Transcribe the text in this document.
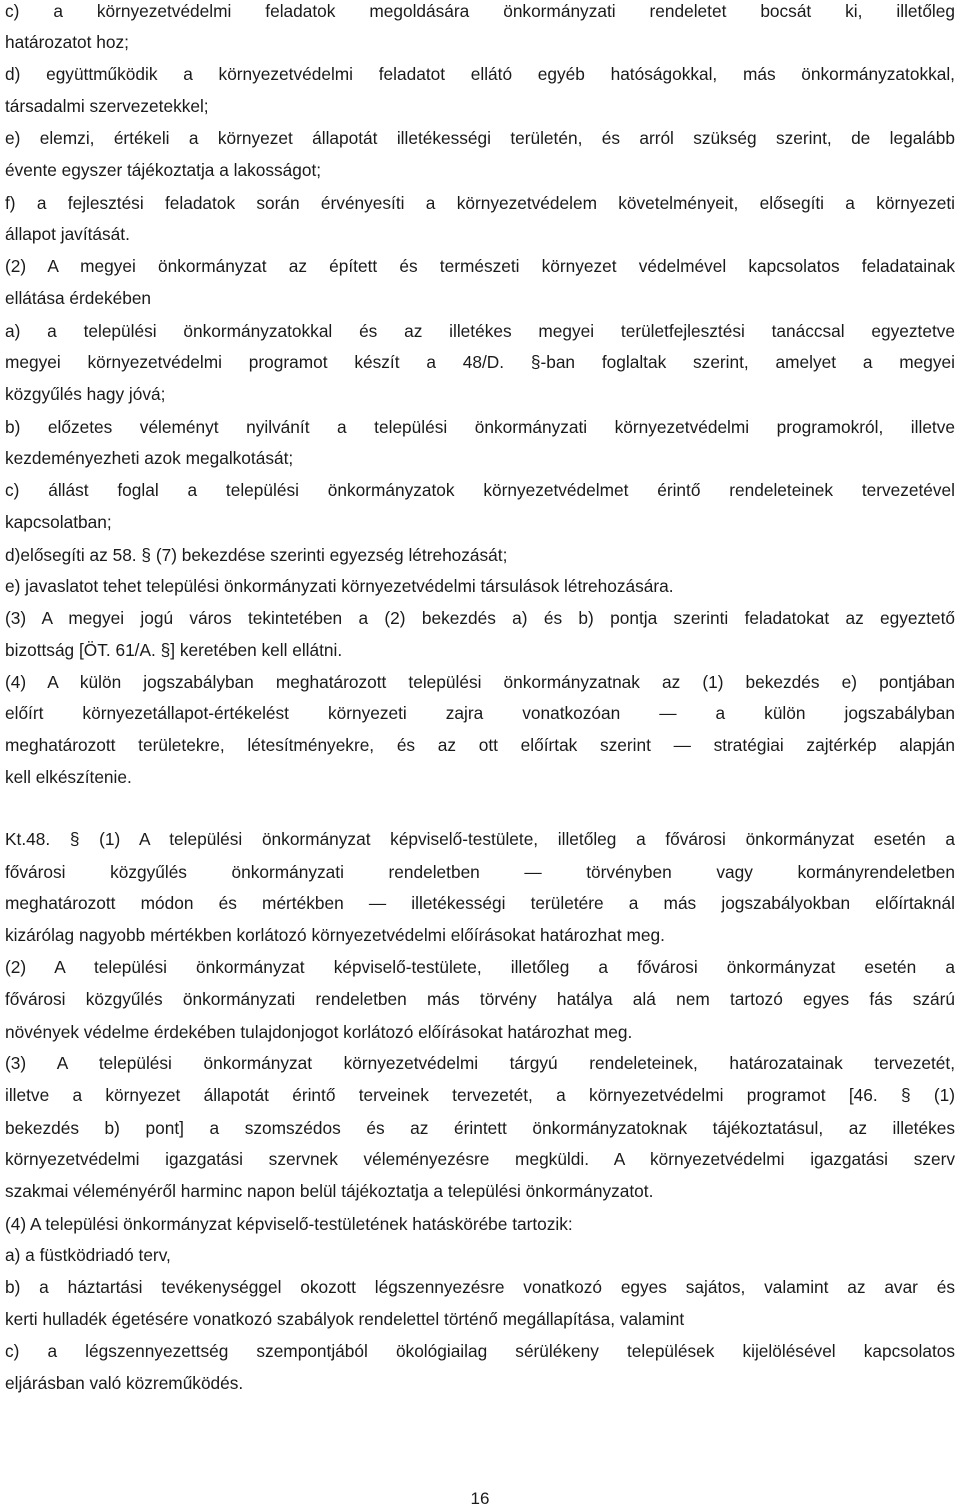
c) a környezetvédelmi feladatok megoldására önkormányzati rendeletet bocsát ki, illetőleg
határozatot hoz;
d) együttműködik a környezetvédelmi feladatot ellátó egyéb hatóságokkal, más önkormányzatokkal,
társadalmi szervezetekkel;
e) elemzi, értékeli a környezet állapotát illetékességi területén, és arról szükség szerint, de legalább
évente egyszer tájékoztatja a lakosságot;
f) a fejlesztési feladatok során érvényesíti a környezetvédelem követelményeit, elősegíti a környezeti
állapot javítását.
(2) A megyei önkormányzat az épített és természeti környezet védelmével kapcsolatos feladatainak
ellátása érdekében
a) a települési önkormányzatokkal és az illetékes megyei területfejlesztési tanáccsal egyeztetve
megyei környezetvédelmi programot készít a 48/D. §-ban foglaltak szerint, amelyet a megyei
közgyűlés hagy jóvá;
b) előzetes véleményt nyilvánít a települési önkormányzati környezetvédelmi programokról, illetve
kezdeményezheti azok megalkotását;
c) állást foglal a települési önkormányzatok környezetvédelmet érintő rendeleteinek tervezetével
kapcsolatban;
d)elősegíti az 58. § (7) bekezdése szerinti egyezség létrehozását;
e) javaslatot tehet települési önkormányzati környezetvédelmi társulások létrehozására.
(3) A megyei jogú város tekintetében a (2) bekezdés a) és b) pontja szerinti feladatokat az egyeztető
bizottság [ÖT. 61/A. §] keretében kell ellátni.
(4) A külön jogszabályban meghatározott települési önkormányzatnak az (1) bekezdés e) pontjában
előírt környezetállapot-értékelést környezeti zajra vonatkozóan — a külön jogszabályban
meghatározott területekre, létesítményekre, és az ott előírtak szerint — stratégiai zajtérkép alapján
kell elkészítenie.
Kt.48. § (1) A települési önkormányzat képviselő-testülete, illetőleg a fővárosi önkormányzat esetén a
fővárosi közgyűlés önkormányzati rendeletben — törvényben vagy kormányrendeletben
meghatározott módon és mértékben — illetékességi területére a más jogszabályokban előírtaknál
kizárólag nagyobb mértékben korlátozó környezetvédelmi előírásokat határozhat meg.
(2) A települési önkormányzat képviselő-testülete, illetőleg a fővárosi önkormányzat esetén a
fővárosi közgyűlés önkormányzati rendeletben más törvény hatálya alá nem tartozó egyes fás szárú
növények védelme érdekében tulajdonjogot korlátozó előírásokat határozhat meg.
(3) A települési önkormányzat környezetvédelmi tárgyú rendeleteinek, határozatainak tervezetét,
illetve a környezet állapotát érintő terveinek tervezetét, a környezetvédelmi programot [46. § (1)
bekezdés b) pont] a szomszédos és az érintett önkormányzatoknak tájékoztatásul, az illetékes
környezetvédelmi igazgatási szervnek véleményezésre megküldi. A környezetvédelmi igazgatási szerv
szakmai véleményéről harminc napon belül tájékoztatja a települési önkormányzatot.
(4) A települési önkormányzat képviselő-testületének hatáskörébe tartozik:
a) a füstködriadó terv,
b) a háztartási tevékenységgel okozott légszennyezésre vonatkozó egyes sajátos, valamint az avar és
kerti hulladék égetésére vonatkozó szabályok rendelettel történő megállapítása, valamint
c) a légszennyezettség szempontjából ökológiailag sérülékeny települések kijelölésével kapcsolatos
eljárásban való közreműködés.
16
